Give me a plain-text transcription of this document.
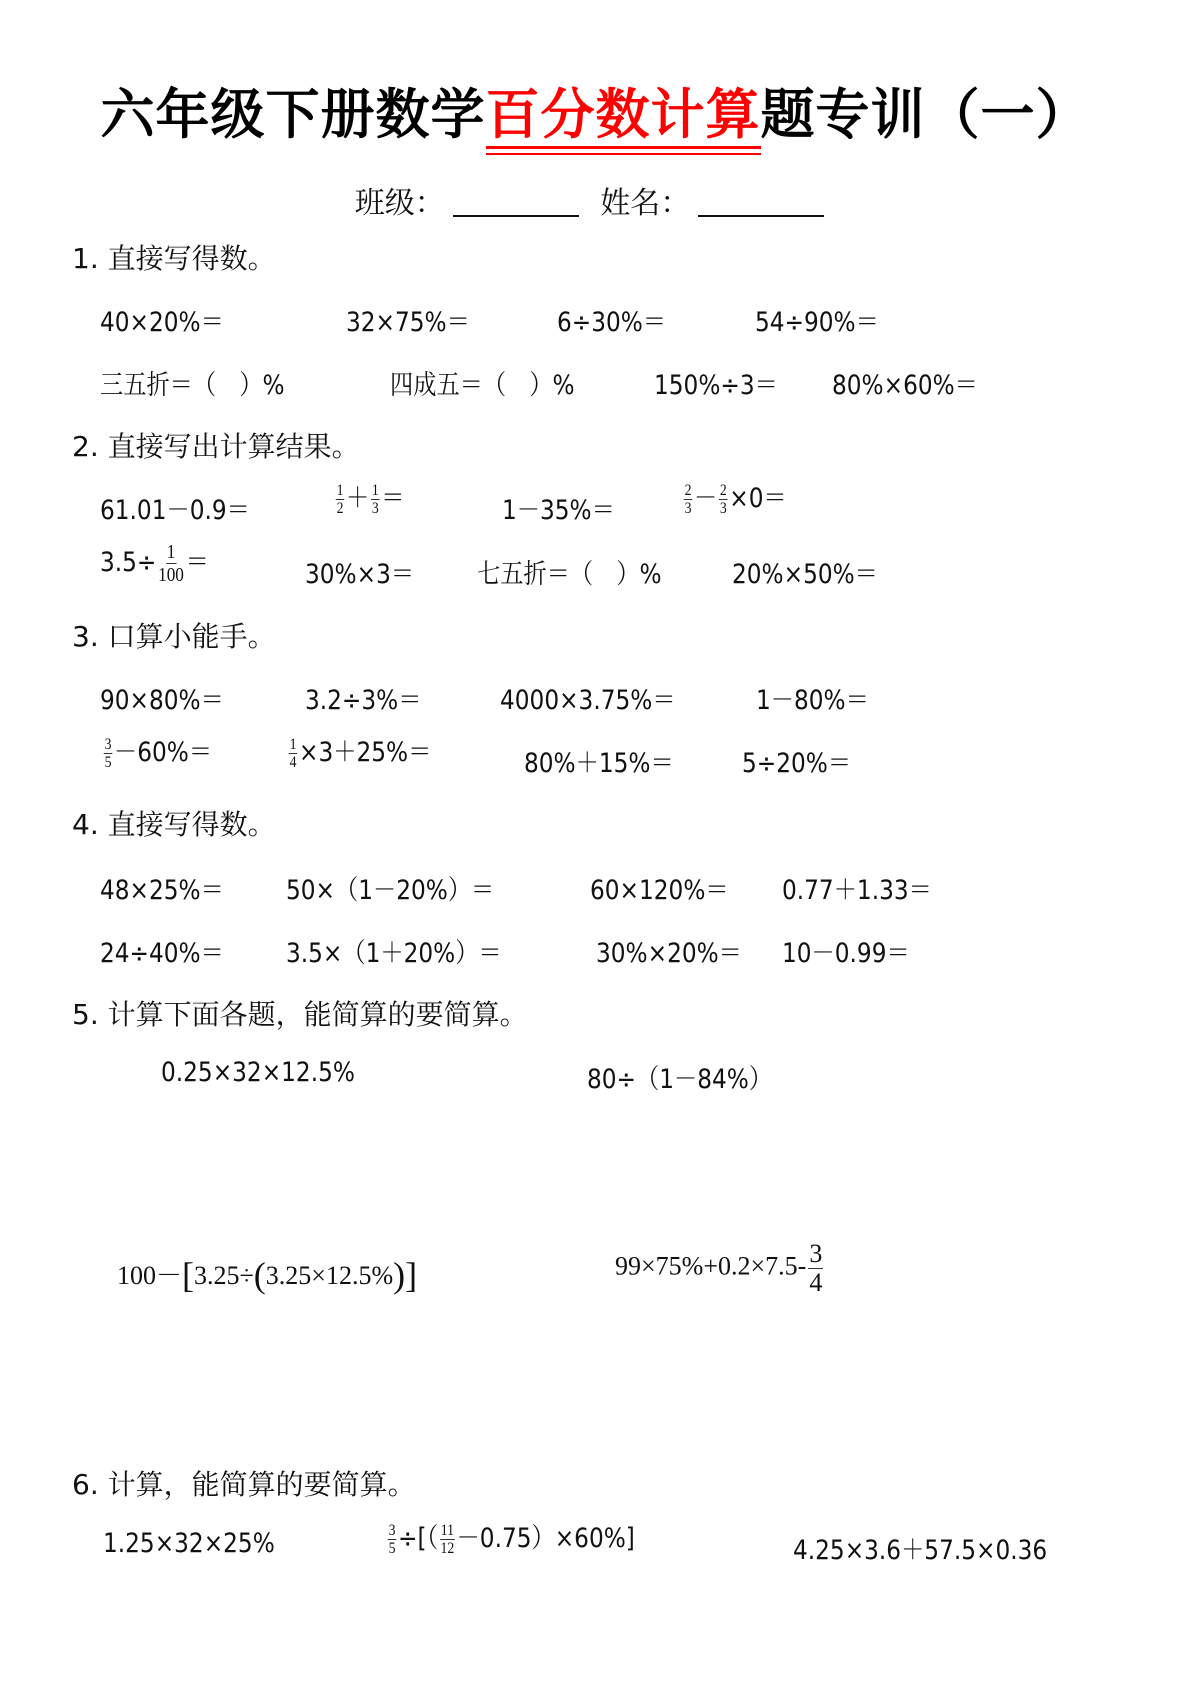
六年级下册数学百分数计算题专训（一）
班级：	姓名：
1. 直接写得数。
40×20%＝	32×75%＝	6÷30%＝	54÷90%＝
三五折＝（　）%	四成五＝（　）%	150%÷3＝ 80%×60%＝
2. 直接写出计算结果。
61.01－0.9＝	$\frac{1}{2} + \frac{1}{3}$ ＝	1－35%＝	$\frac{2}{3} - \frac{2}{3} \times 0=$
$3.5\div \frac{1}{100}$ ＝	30%×3＝ 七五折＝（　）%	20%×50%＝
3. 口算小能手。
90×80%＝	3.2÷3%＝	4000×3.75%＝	1－80%＝
$\frac{3}{5} -60\%=$	$\frac{1}{4} \times 3+25\%=$	80%＋15%＝	5÷20%＝
4. 直接写得数。
48×25%＝ 50×（1－20%）＝	60×120%＝ 0.77＋1.33＝
24÷40%＝ 3.5×（1＋20%）＝	30%×20%＝ 10－0.99＝
5. 计算下面各题，能简算的要简算。
0.25×32×12.5%	80÷（1－84%）
100－[3.25÷(3.25×12.5%)]	$99\times 75\%+0.2\times 7.5- \frac{3}{4}$
6. 计算，能简算的要简算。
1.25×32×25%	$\frac{3}{5}$ ÷[（ $\frac{11}{12} -0.75)\times 60\%$]	4.25×3.6＋57.5×0.36
